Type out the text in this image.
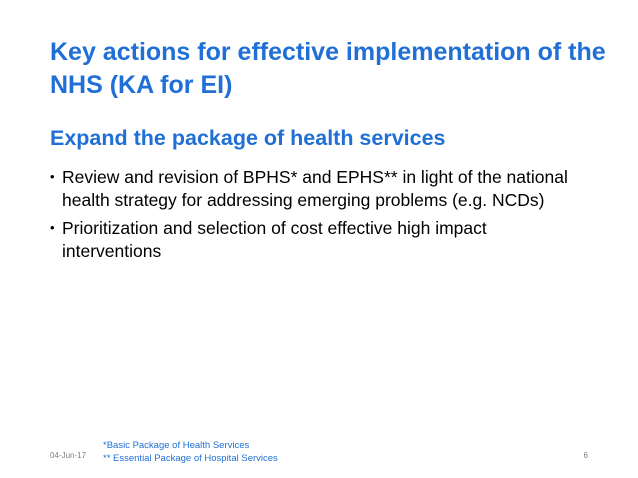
Key actions for effective implementation of the NHS (KA for EI)
Expand the package of health services
• Review and revision of BPHS* and EPHS** in light of the national health strategy for addressing emerging problems (e.g. NCDs)
• Prioritization and selection of cost effective high impact interventions
04-Jun-17
*Basic Package of Health Services
** Essential Package of Hospital Services	6
